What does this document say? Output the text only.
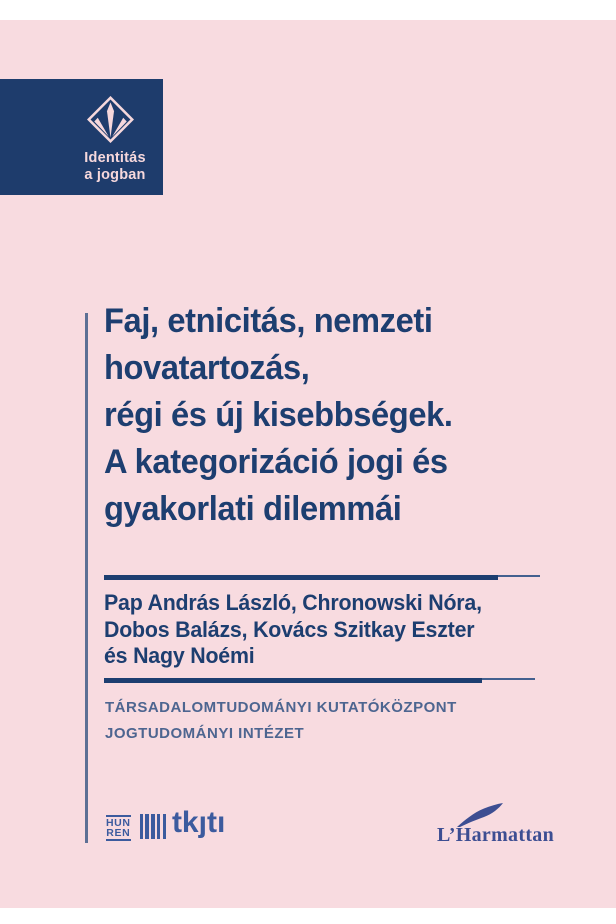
Identitás
a jogban
Faj, etnicitás, nemzeti
hovatartozás,
régi és új kisebbségek.
A kategorizáció jogi és
gyakorlati dilemmái
Pap András László, Chronowski Nóra,
Dobos Balázs, Kovács Szitkay Eszter
és Nagy Noémi
TÁRSADALOMTUDOMÁNYI KUTATÓKÖZPONT
JOGTUDOMÁNYI INTÉZET
HUN
REN tkȷtı	L’Harmattan
